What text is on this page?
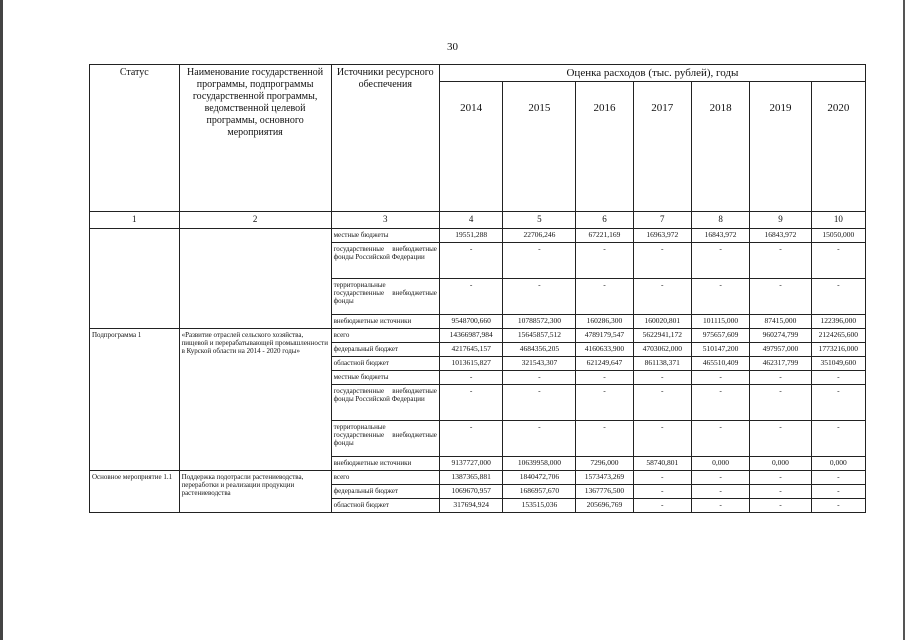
30
Статус	Наименование государственной программы, подпрограммы государственной программы, ведомственной целевой программы, основного мероприятия	Источники ресурсного обеспечения	Оценка расходов (тыс. рублей), годы						
			2014	2015	2016	2017	2018	2019	2020
1	2	3	4	5	6	7	8	9	10
		местные бюджеты	19551,288	22706,246	67221,169	16963,972	16843,972	16843,972	15050,000
		государственные внебюджетные фонды Российской Федерации	-	-	-	-	-	-	-
		территориальные государственные внебюджетные фонды	-	-	-	-	-	-	-
		внебюджетные источники	9548700,660	10788572,300	160286,300	160020,801	101115,000	87415,000	122396,000
Подпрограмма 1	«Развитие отраслей сельского хозяйства, пищевой и перерабатывающей промышленности в Курской области на 2014 - 2020 годы»	всего	14366987,984	15645857,512	4789179,547	5622941,172	975657,609	960274,799	2124265,600
		федеральный бюджет	4217645,157	4684356,205	4160633,900	4703062,000	510147,200	497957,000	1773216,000
		областной бюджет	1013615,827	321543,307	621249,647	861138,371	465510,409	462317,799	351049,600
		местные бюджеты	-	-	-	-	-	-	-
		государственные внебюджетные фонды Российской Федерации	-	-	-	-	-	-	-
		территориальные государственные внебюджетные фонды	-	-	-	-	-	-	-
		внебюджетные источники	9137727,000	10639958,000	7296,000	58740,801	0,000	0,000	0,000
Основное мероприятие 1.1	Поддержка подотрасли растениеводства, переработки и реализации продукции растениеводства	всего	1387365,881	1840472,706	1573473,269	-	-	-	-
		федеральный бюджет	1069670,957	1686957,670	1367776,500	-	-	-	-
		областной бюджет	317694,924	153515,036	205696,769	-	-	-	-
